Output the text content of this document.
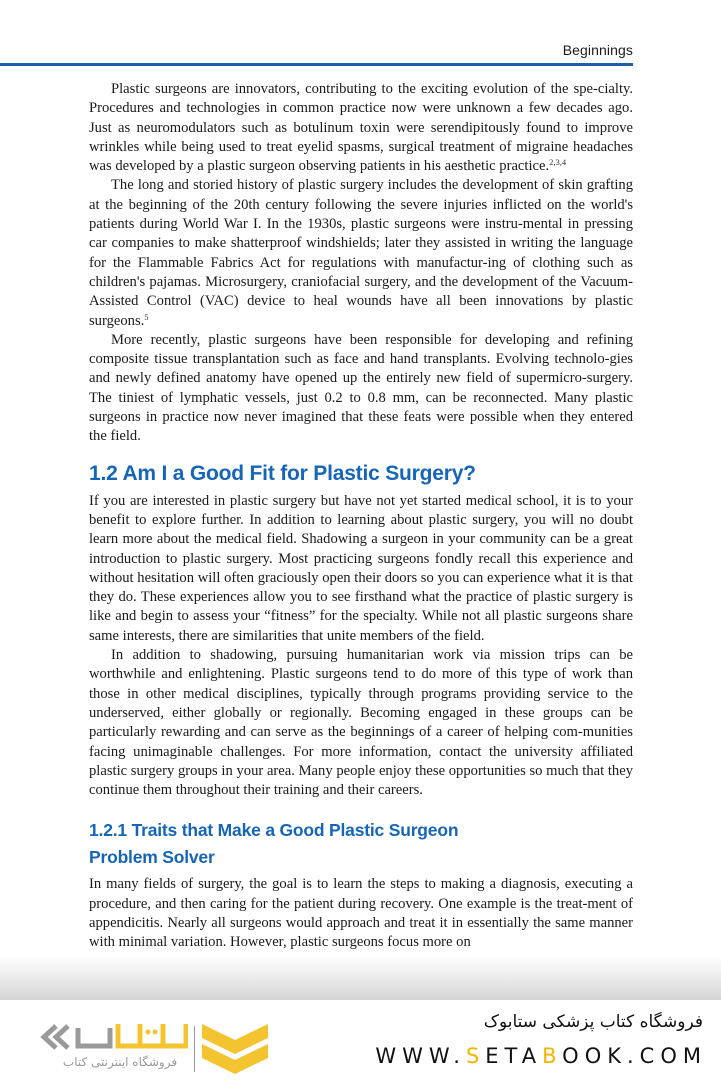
Beginnings

Plastic surgeons are innovators, contributing to the exciting evolution of the spe-cialty. Procedures and technologies in common practice now were unknown a few decades ago. Just as neuromodulators such as botulinum toxin were serendipitously found to improve wrinkles while being used to treat eyelid spasms, surgical treatment of migraine headaches was developed by a plastic surgeon observing patients in his aesthetic practice.$^{2,3,4}$

The long and storied history of plastic surgery includes the development of skin grafting at the beginning of the 20th century following the severe injuries inflicted on the world's patients during World War I. In the 1930s, plastic surgeons were instru-mental in pressing car companies to make shatterproof windshields; later they assisted in writing the language for the Flammable Fabrics Act for regulations with manufactur-ing of clothing such as children's pajamas. Microsurgery, craniofacial surgery, and the development of the Vacuum-Assisted Control (VAC) device to heal wounds have all been innovations by plastic surgeons.$^5$

More recently, plastic surgeons have been responsible for developing and refining composite tissue transplantation such as face and hand transplants. Evolving technolo-gies and newly defined anatomy have opened up the entirely new field of supermicro-surgery. The tiniest of lymphatic vessels, just 0.2 to 0.8 mm, can be reconnected. Many plastic surgeons in practice now never imagined that these feats were possible when they entered the field.

1.2 Am I a Good Fit for Plastic Surgery?

If you are interested in plastic surgery but have not yet started medical school, it is to your benefit to explore further. In addition to learning about plastic surgery, you will no doubt learn more about the medical field. Shadowing a surgeon in your community can be a great introduction to plastic surgery. Most practicing surgeons fondly recall this experience and without hesitation will often graciously open their doors so you can experience what it is that they do. These experiences allow you to see firsthand what the practice of plastic surgery is like and begin to assess your “fitness” for the specialty. While not all plastic surgeons share same interests, there are similarities that unite members of the field.

In addition to shadowing, pursuing humanitarian work via mission trips can be worthwhile and enlightening. Plastic surgeons tend to do more of this type of work than those in other medical disciplines, typically through programs providing service to the underserved, either globally or regionally. Becoming engaged in these groups can be particularly rewarding and can serve as the beginnings of a career of helping com-munities facing unimaginable challenges. For more information, contact the university affiliated plastic surgery groups in your area. Many people enjoy these opportunities so much that they continue them throughout their training and their careers.

1.2.1 Traits that Make a Good Plastic Surgeon
Problem Solver

In many fields of surgery, the goal is to learn the steps to making a diagnosis, executing a procedure, and then caring for the patient during recovery. One example is the treat-ment of appendicitis. Nearly all surgeons would approach and treat it in essentially the same manner with minimal variation. However, plastic surgeons focus more on

فروشگاه اینترنتی کتاب
فروشگاه کتاب پزشکی ستابوک
WWW.SETABOOK.COM
